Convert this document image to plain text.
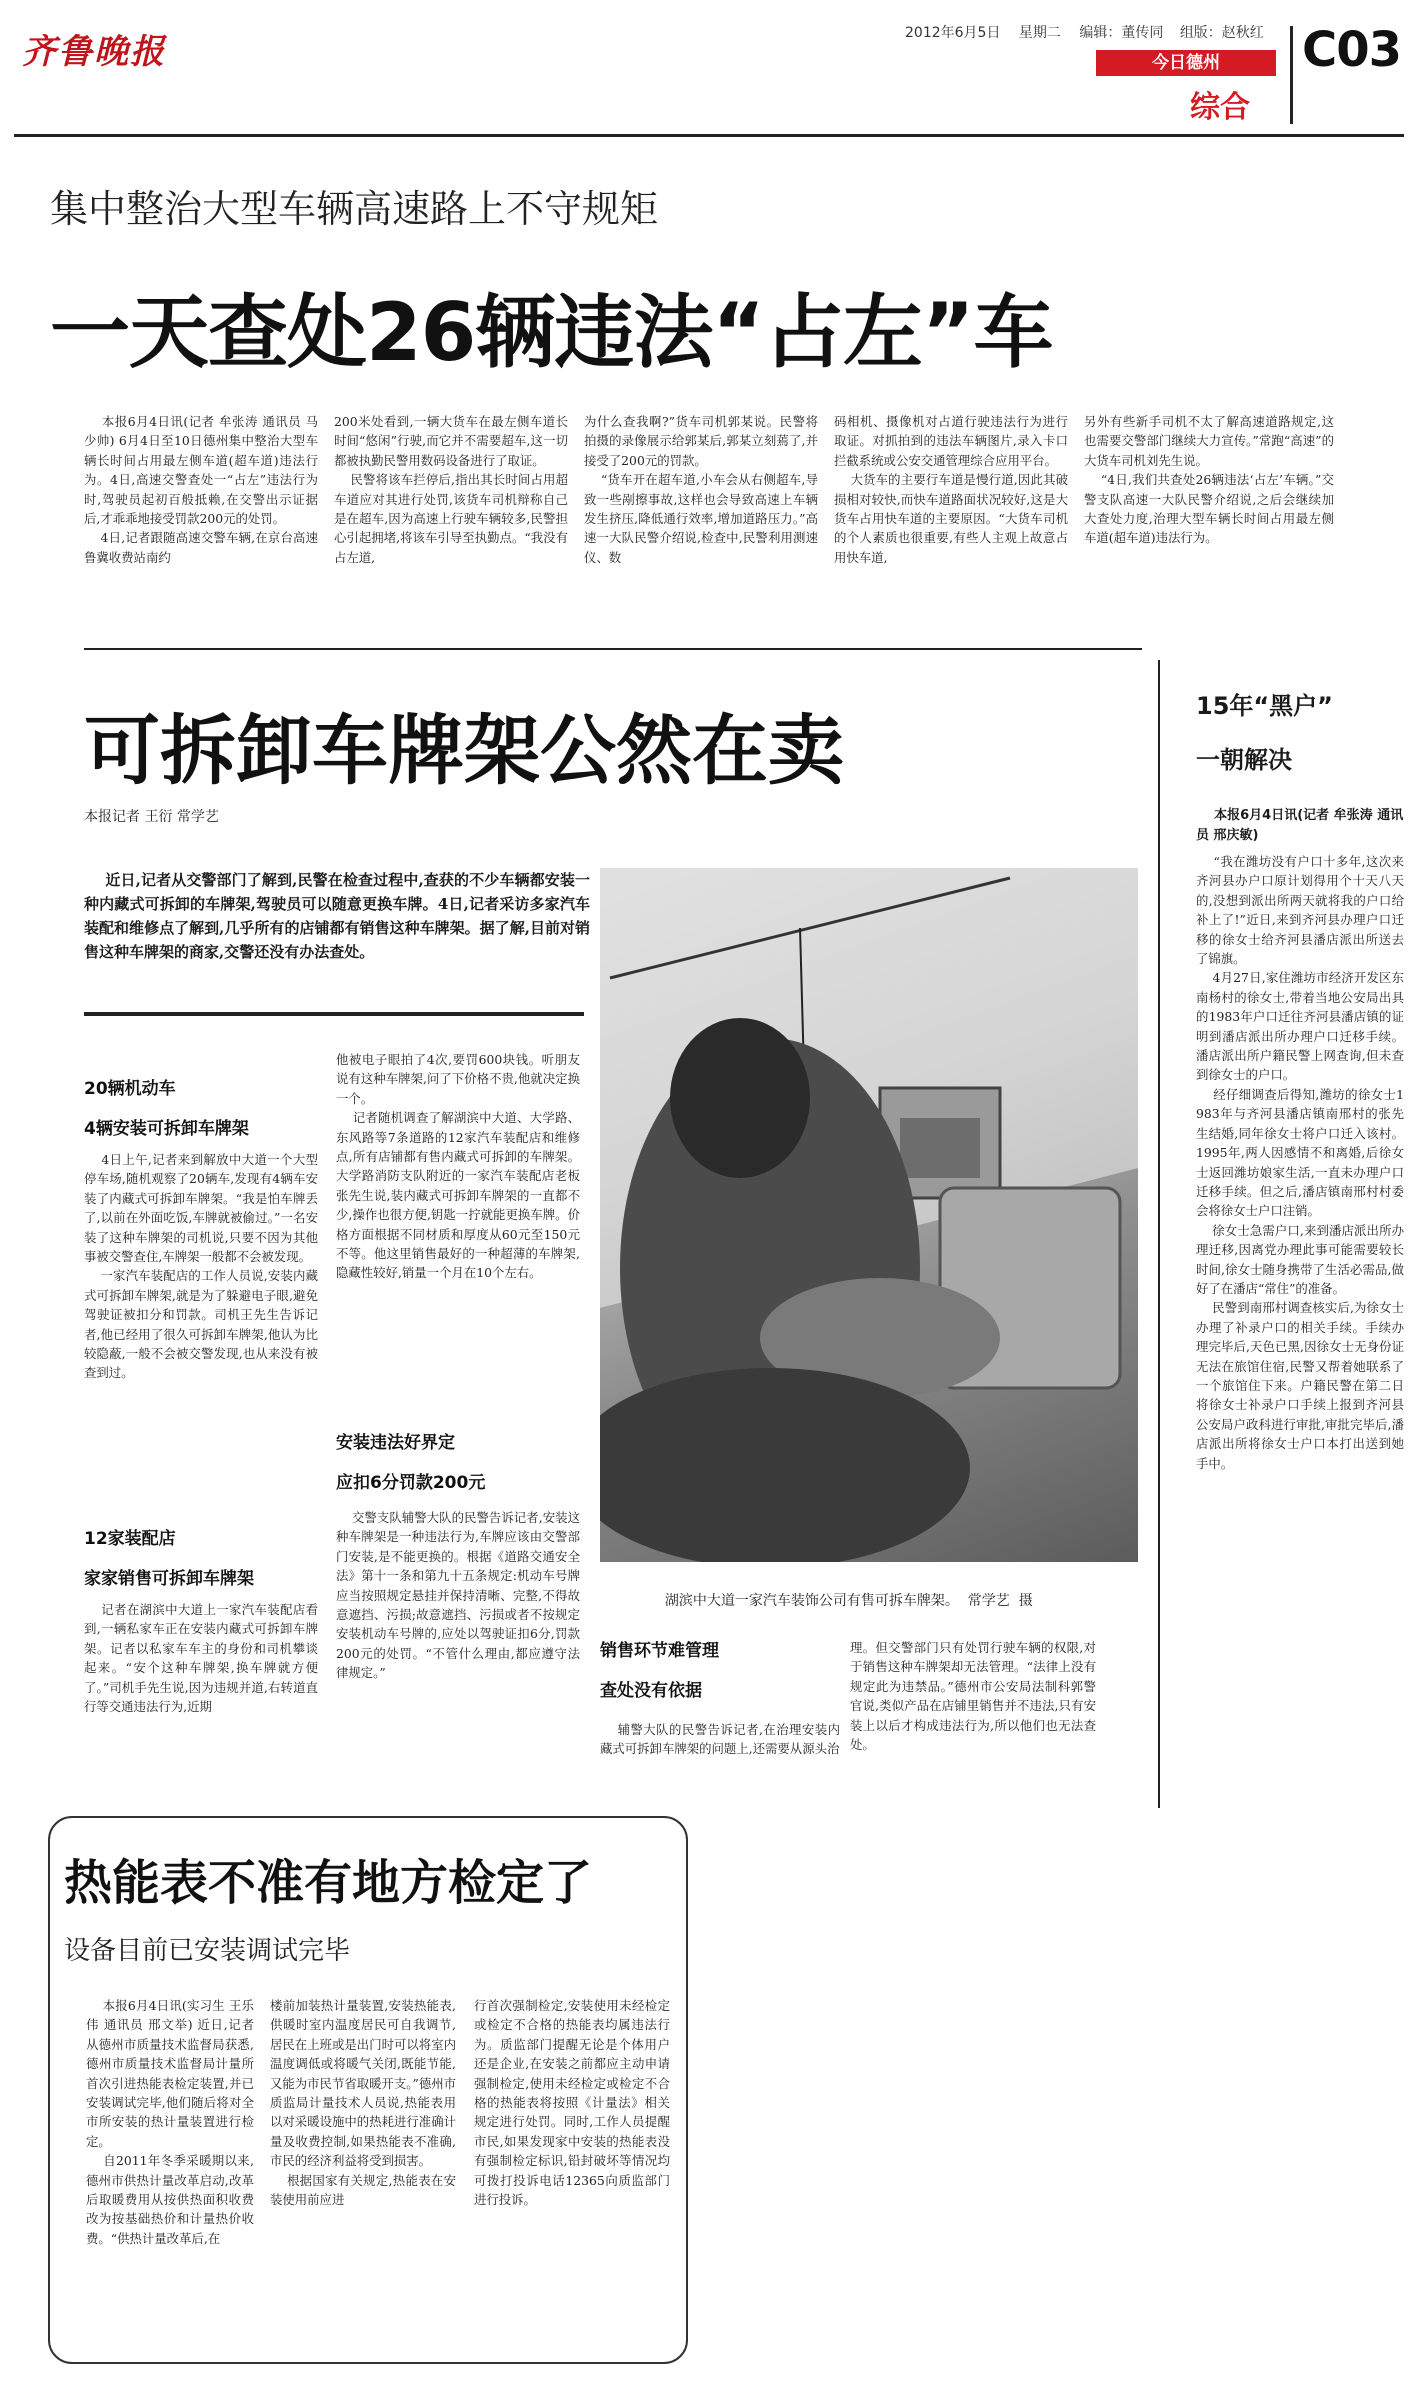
齐鲁晚报	2012年6月5日 星期二 编辑：董传同 组版：赵秋红
今日德州
综合
C03
集中整治大型车辆高速路上不守规矩
一天查处26辆违法“占左”车
本报6月4日讯(记者 牟张涛 通讯员 马少帅) 6月4日至10日德州集中整治大型车辆长时间占用最左侧车道(超车道)违法行为。4日,高速交警查处一“占左”违法行为时,驾驶员起初百般抵赖,在交警出示证据后,才乖乖地接受罚款200元的处罚。
4日,记者跟随高速交警车辆,在京台高速鲁冀收费站南约
200米处看到,一辆大货车在最左侧车道长时间“悠闲”行驶,而它并不需要超车,这一切都被执勤民警用数码设备进行了取证。
民警将该车拦停后,指出其长时间占用超车道应对其进行处罚,该货车司机辩称自己是在超车,因为高速上行驶车辆较多,民警担心引起拥堵,将该车引导至执勤点。“我没有占左道,
为什么查我啊?”货车司机郭某说。民警将拍摄的录像展示给郭某后,郭某立刻蔫了,并接受了200元的罚款。
“货车开在超车道,小车会从右侧超车,导致一些剐擦事故,这样也会导致高速上车辆发生挤压,降低通行效率,增加道路压力。”高速一大队民警介绍说,检查中,民警利用测速仪、数
码相机、摄像机对占道行驶违法行为进行取证。对抓拍到的违法车辆图片,录入卡口拦截系统或公安交通管理综合应用平台。
大货车的主要行车道是慢行道,因此其破损相对较快,而快车道路面状况较好,这是大货车占用快车道的主要原因。“大货车司机的个人素质也很重要,有些人主观上故意占用快车道,
另外有些新手司机不太了解高速道路规定,这也需要交警部门继续大力宣传。”常跑“高速”的大货车司机刘先生说。
“4日,我们共查处26辆违法‘占左’车辆。”交警支队高速一大队民警介绍说,之后会继续加大查处力度,治理大型车辆长时间占用最左侧车道(超车道)违法行为。
可拆卸车牌架公然在卖
本报记者 王衍 常学艺
近日,记者从交警部门了解到,民警在检查过程中,查获的不少车辆都安装一种内藏式可拆卸的车牌架,驾驶员可以随意更换车牌。4日,记者采访多家汽车装配和维修点了解到,几乎所有的店铺都有销售这种车牌架。据了解,目前对销售这种车牌架的商家,交警还没有办法查处。
20辆机动车
4辆安装可拆卸车牌架
4日上午,记者来到解放中大道一个大型停车场,随机观察了20辆车,发现有4辆车安装了内藏式可拆卸车牌架。“我是怕车牌丢了,以前在外面吃饭,车牌就被偷过。”一名安装了这种车牌架的司机说,只要不因为其他事被交警查住,车牌架一般都不会被发现。
一家汽车装配店的工作人员说,安装内藏式可拆卸车牌架,就是为了躲避电子眼,避免驾驶证被扣分和罚款。司机王先生告诉记者,他已经用了很久可拆卸车牌架,他认为比较隐蔽,一般不会被交警发现,也从来没有被查到过。
12家装配店
家家销售可拆卸车牌架
记者在湖滨中大道上一家汽车装配店看到,一辆私家车正在安装内藏式可拆卸车牌架。记者以私家车车主的身份和司机攀谈起来。“安个这种车牌架,换车牌就方便了。”司机手先生说,因为违规并道,右转道直行等交通违法行为,近期
他被电子眼拍了4次,要罚600块钱。听朋友说有这种车牌架,问了下价格不贵,他就决定换一个。
记者随机调查了解湖滨中大道、大学路、东风路等7条道路的12家汽车装配店和维修点,所有店铺都有售内藏式可拆卸的车牌架。大学路消防支队附近的一家汽车装配店老板张先生说,装内藏式可拆卸车牌架的一直都不少,操作也很方便,钥匙一拧就能更换车牌。价格方面根据不同材质和厚度从60元至150元不等。他这里销售最好的一种超薄的车牌架,隐藏性较好,销量一个月在10个左右。
安装违法好界定
应扣6分罚款200元
交警支队辅警大队的民警告诉记者,安装这种车牌架是一种违法行为,车牌应该由交警部门安装,是不能更换的。根据《道路交通安全法》第十一条和第九十五条规定:机动车号牌应当按照规定悬挂并保持清晰、完整,不得故意遮挡、污损;故意遮挡、污损或者不按规定安装机动车号牌的,应处以驾驶证扣6分,罚款200元的处罚。“不管什么理由,都应遵守法律规定。”

湖滨中大道一家汽车装饰公司有售可拆车牌架。  常学艺  摄

销售环节难管理
查处没有依据
辅警大队的民警告诉记者,在治理安装内藏式可拆卸车牌架的问题上,还需要从源头治
理。但交警部门只有处罚行驶车辆的权限,对于销售这种车牌架却无法管理。“法律上没有规定此为违禁品。”德州市公安局法制科郭警官说,类似产品在店铺里销售并不违法,只有安装上以后才构成违法行为,所以他们也无法查处。
15年“黑户”
一朝解决
本报6月4日讯(记者 牟张涛 通讯员 邢庆敏)
“我在潍坊没有户口十多年,这次来齐河县办户口原计划得用个十天八天的,没想到派出所两天就将我的户口给补上了!”近日,来到齐河县办理户口迁移的徐女士给齐河县潘店派出所送去了锦旗。
4月27日,家住潍坊市经济开发区东南杨村的徐女士,带着当地公安局出具的1983年户口迁往齐河县潘店镇的证明到潘店派出所办理户口迁移手续。潘店派出所户籍民警上网查询,但未查到徐女士的户口。
经仔细调查后得知,潍坊的徐女士1983年与齐河县潘店镇南邢村的张先生结婚,同年徐女士将户口迁入该村。1995年,两人因感情不和离婚,后徐女士返回潍坊娘家生活,一直未办理户口迁移手续。但之后,潘店镇南邢村村委会将徐女士户口注销。
徐女士急需户口,来到潘店派出所办理迁移,因离党办理此事可能需要较长时间,徐女士随身携带了生活必需品,做好了在潘店“常住”的准备。
民警到南邢村调查核实后,为徐女士办理了补录户口的相关手续。手续办理完毕后,天色已黑,因徐女士无身份证无法在旅馆住宿,民警又帮着她联系了一个旅馆住下来。户籍民警在第二日将徐女士补录户口手续上报到齐河县公安局户政科进行审批,审批完毕后,潘店派出所将徐女士户口本打出送到她手中。
热能表不准有地方检定了
设备目前已安装调试完毕
本报6月4日讯(实习生 王乐伟 通讯员 邢文举) 近日,记者从德州市质量技术监督局获悉,德州市质量技术监督局计量所首次引进热能表检定装置,并已安装调试完毕,他们随后将对全市所安装的热计量装置进行检定。
自2011年冬季采暖期以来,德州市供热计量改革启动,改革后取暖费用从按供热面积收费改为按基础热价和计量热价收费。“供热计量改革后,在
楼前加装热计量装置,安装热能表,供暖时室内温度居民可自我调节,居民在上班或是出门时可以将室内温度调低或将暖气关闭,既能节能,又能为市民节省取暖开支。”德州市质监局计量技术人员说,热能表用以对采暖设施中的热耗进行准确计量及收费控制,如果热能表不准确,市民的经济利益将受到损害。
根据国家有关规定,热能表在安装使用前应进
行首次强制检定,安装使用未经检定或检定不合格的热能表均属违法行为。质监部门提醒无论是个体用户还是企业,在安装之前都应主动申请强制检定,使用未经检定或检定不合格的热能表将按照《计量法》相关规定进行处罚。同时,工作人员提醒市民,如果发现家中安装的热能表没有强制检定标识,铅封破坏等情况均可拨打投诉电话12365向质监部门进行投诉。
